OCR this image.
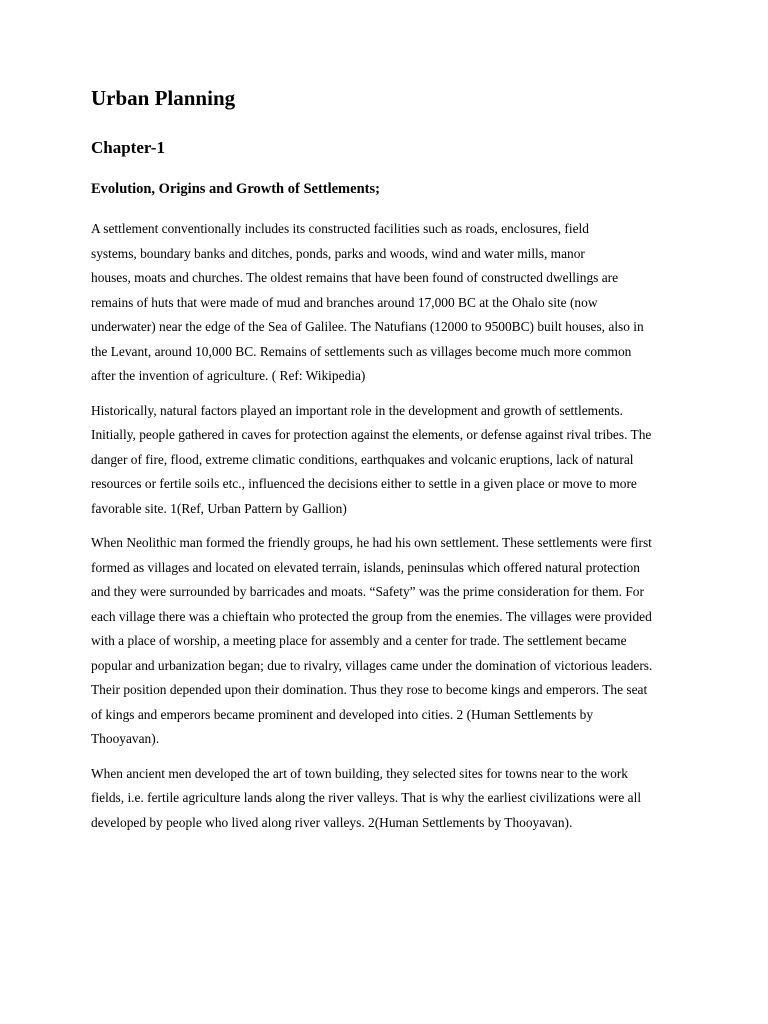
Urban Planning
Chapter-1
Evolution, Origins and Growth of Settlements;

A settlement conventionally includes its constructed facilities such as roads, enclosures, field
systems, boundary banks and ditches, ponds, parks and woods, wind and water mills, manor
houses, moats and churches. The oldest remains that have been found of constructed dwellings are
remains of huts that were made of mud and branches around 17,000 BC at the Ohalo site (now
underwater) near the edge of the Sea of Galilee. The Natufians (12000 to 9500BC) built houses, also in
the Levant, around 10,000 BC. Remains of settlements such as villages become much more common
after the invention of agriculture. ( Ref: Wikipedia)

Historically, natural factors played an important role in the development and growth of settlements.
Initially, people gathered in caves for protection against the elements, or defense against rival tribes. The
danger of fire, flood, extreme climatic conditions, earthquakes and volcanic eruptions, lack of natural
resources or fertile soils etc., influenced the decisions either to settle in a given place or move to more
favorable site. 1(Ref, Urban Pattern by Gallion)

When Neolithic man formed the friendly groups, he had his own settlement. These settlements were first
formed as villages and located on elevated terrain, islands, peninsulas which offered natural protection
and they were surrounded by barricades and moats. “Safety” was the prime consideration for them. For
each village there was a chieftain who protected the group from the enemies. The villages were provided
with a place of worship, a meeting place for assembly and a center for trade. The settlement became
popular and urbanization began; due to rivalry, villages came under the domination of victorious leaders.
Their position depended upon their domination. Thus they rose to become kings and emperors. The seat
of kings and emperors became prominent and developed into cities. 2 (Human Settlements by
Thooyavan).

When ancient men developed the art of town building, they selected sites for towns near to the work
fields, i.e. fertile agriculture lands along the river valleys. That is why the earliest civilizations were all
developed by people who lived along river valleys. 2(Human Settlements by Thooyavan).
